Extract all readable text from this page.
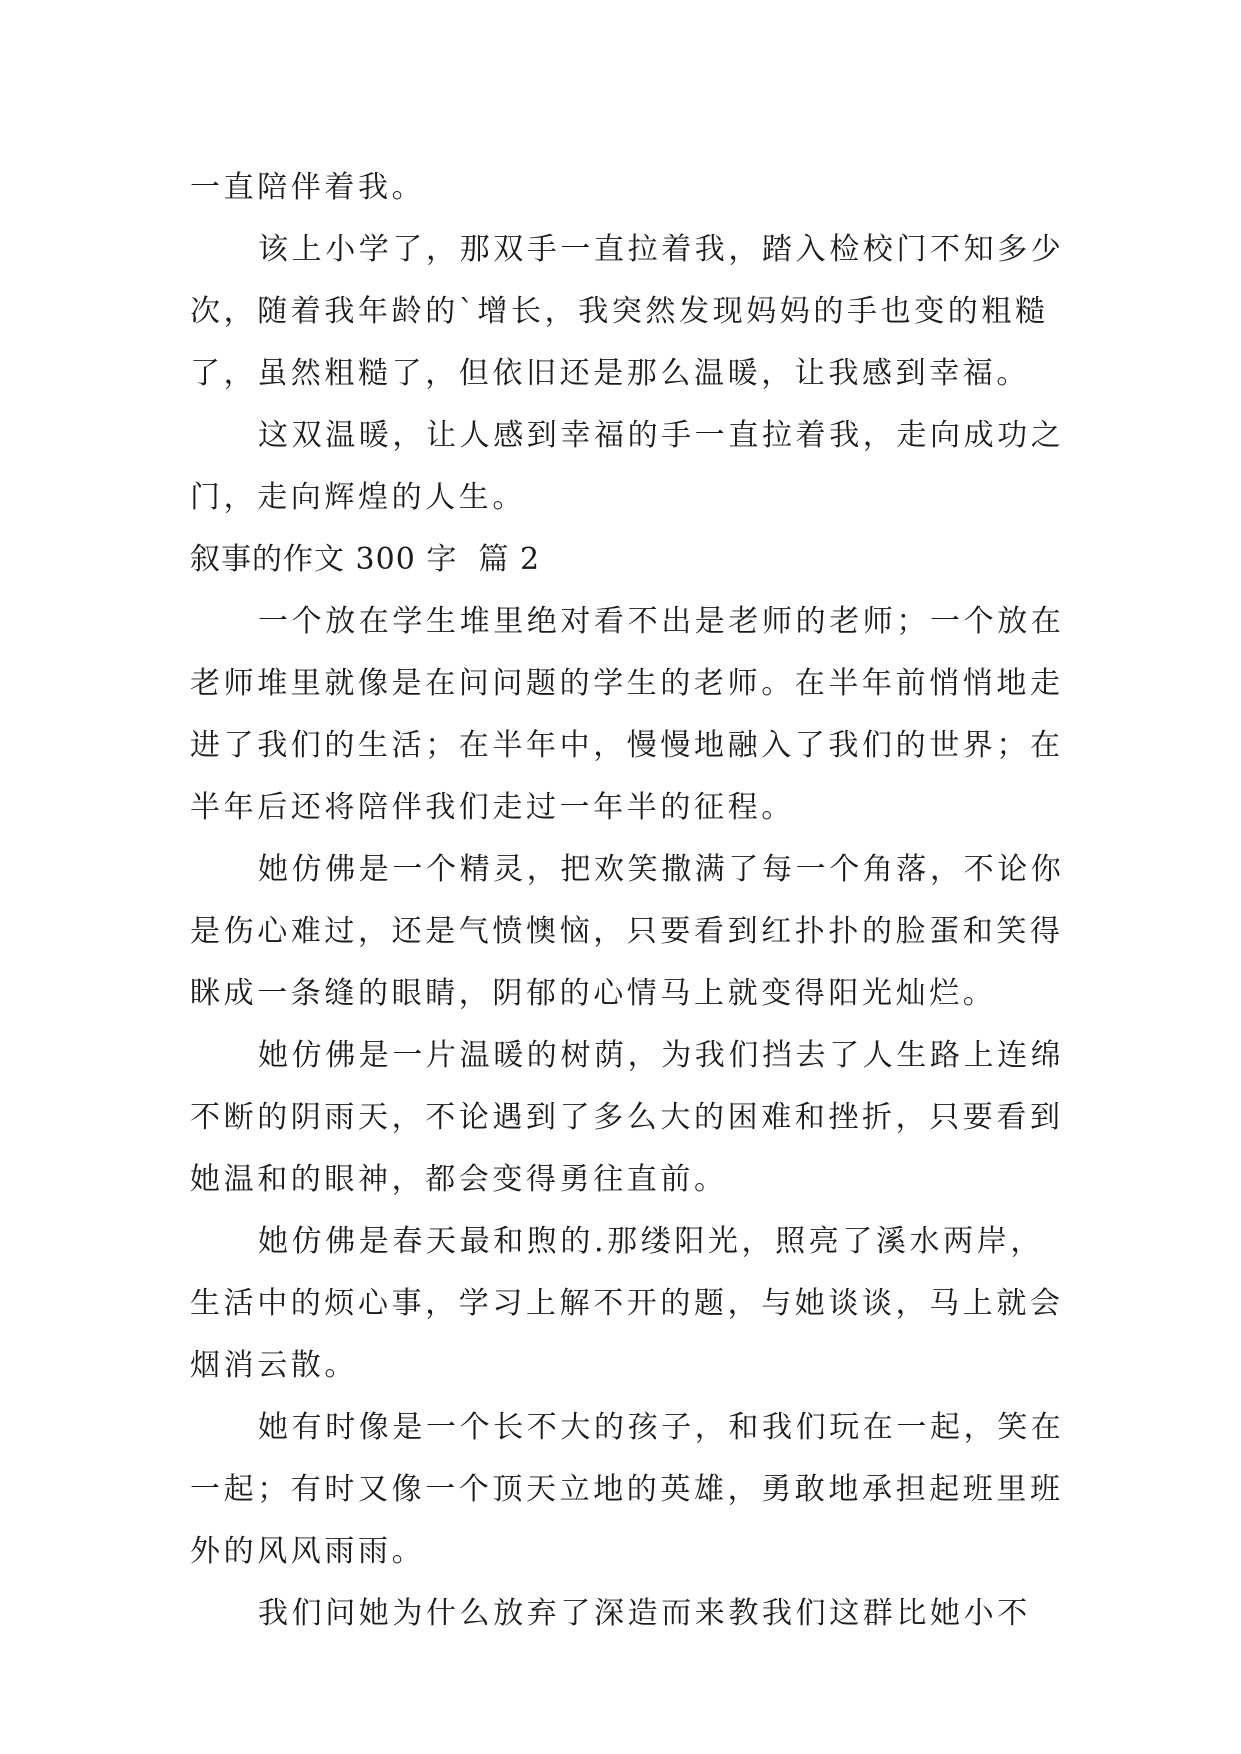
一直陪伴着我。
该上小学了，那双手一直拉着我，踏入检校门不知多少
次，随着我年龄的`增长，我突然发现妈妈的手也变的粗糙
了，虽然粗糙了，但依旧还是那么温暖，让我感到幸福。
这双温暖，让人感到幸福的手一直拉着我，走向成功之
门，走向辉煌的人生。
叙事的作文 300 字  篇 2
一个放在学生堆里绝对看不出是老师的老师；一个放在
老师堆里就像是在问问题的学生的老师。在半年前悄悄地走
进了我们的生活；在半年中，慢慢地融入了我们的世界；在
半年后还将陪伴我们走过一年半的征程。
她仿佛是一个精灵，把欢笑撒满了每一个角落，不论你
是伤心难过，还是气愤懊恼，只要看到红扑扑的脸蛋和笑得
眯成一条缝的眼睛，阴郁的心情马上就变得阳光灿烂。
她仿佛是一片温暖的树荫，为我们挡去了人生路上连绵
不断的阴雨天，不论遇到了多么大的困难和挫折，只要看到
她温和的眼神，都会变得勇往直前。
她仿佛是春天最和煦的.那缕阳光，照亮了溪水两岸，
生活中的烦心事，学习上解不开的题，与她谈谈，马上就会
烟消云散。
她有时像是一个长不大的孩子，和我们玩在一起，笑在
一起；有时又像一个顶天立地的英雄，勇敢地承担起班里班
外的风风雨雨。
我们问她为什么放弃了深造而来教我们这群比她小不
